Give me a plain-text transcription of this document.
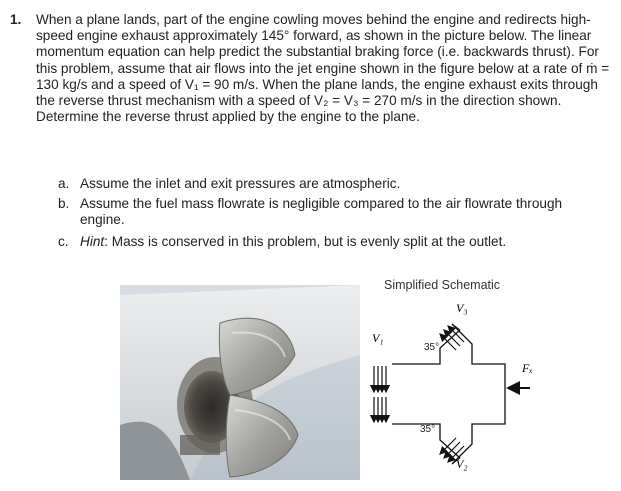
1. When a plane lands, part of the engine cowling moves behind the engine and redirects high-speed engine exhaust approximately 145° forward, as shown in the picture below. The linear momentum equation can help predict the substantial braking force (i.e. backwards thrust). For this problem, assume that air flows into the jet engine shown in the figure below at a rate of ṁ = 130 kg/s and a speed of V₁ = 90 m/s. When the plane lands, the engine exhaust exits through the reverse thrust mechanism with a speed of V₂ = V₃ = 270 m/s in the direction shown. Determine the reverse thrust applied by the engine to the plane.
a. Assume the inlet and exit pressures are atmospheric.
b. Assume the fuel mass flowrate is negligible compared to the air flowrate through engine.
c. Hint: Mass is conserved in this problem, but is evenly split at the outlet.
Simplified Schematic
V₁
V₃
V₂
Fₓ
35°
35°
